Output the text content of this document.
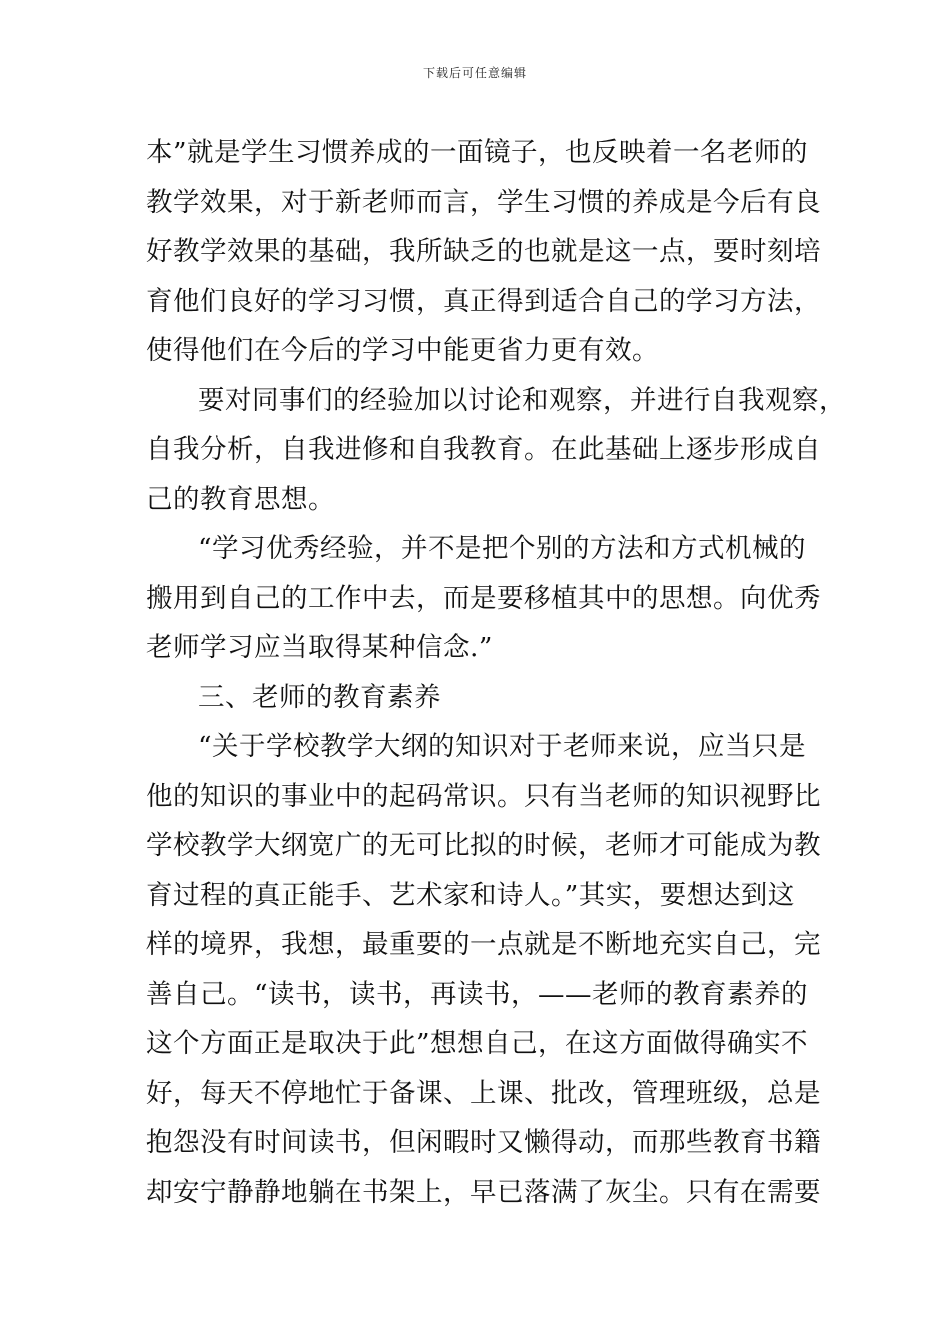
下载后可任意编辑
本”就是学生习惯养成的一面镜子，也反映着一名老师的
教学效果，对于新老师而言，学生习惯的养成是今后有良
好教学效果的基础，我所缺乏的也就是这一点，要时刻培
育他们良好的学习习惯，真正得到适合自己的学习方法，
使得他们在今后的学习中能更省力更有效。
要对同事们的经验加以讨论和观察，并进行自我观察，
自我分析，自我进修和自我教育。在此基础上逐步形成自
己的教育思想。
“学习优秀经验，并不是把个别的方法和方式机械的
搬用到自己的工作中去，而是要移植其中的思想。向优秀
老师学习应当取得某种信念.”
三、老师的教育素养
“关于学校教学大纲的知识对于老师来说，应当只是
他的知识的事业中的起码常识。只有当老师的知识视野比
学校教学大纲宽广的无可比拟的时候，老师才可能成为教
育过程的真正能手、艺术家和诗人。”其实，要想达到这
样的境界，我想，最重要的一点就是不断地充实自己，完
善自己。“读书，读书，再读书，——老师的教育素养的
这个方面正是取决于此”想想自己，在这方面做得确实不
好，每天不停地忙于备课、上课、批改，管理班级，总是
抱怨没有时间读书，但闲暇时又懒得动，而那些教育书籍
却安宁静静地躺在书架上，早已落满了灰尘。只有在需要
